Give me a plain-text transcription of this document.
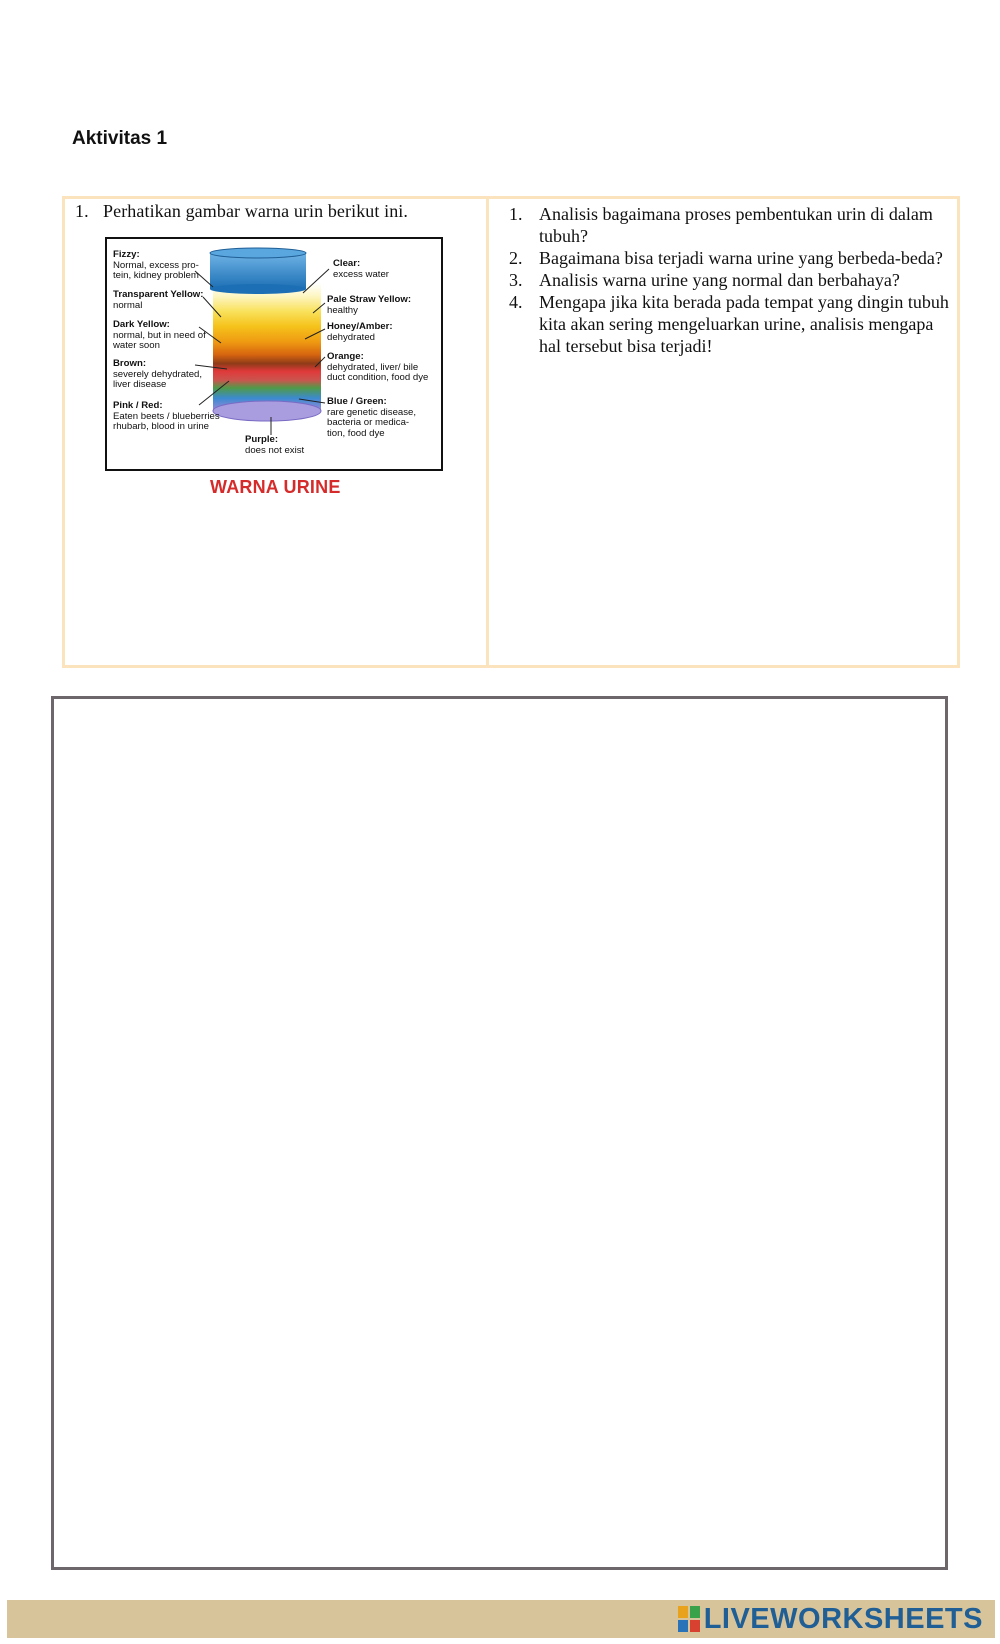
Aktivitas 1
1. Perhatikan gambar warna urin berikut ini.
Fizzy:
Normal, excess pro-
tein, kidney problem
Transparent Yellow:
normal
Dark Yellow:
normal, but in need of
water soon
Brown:
severely dehydrated,
liver disease
Pink / Red:
Eaten beets / blueberries
rhubarb, blood in urine
Purple:
does not exist
Clear:
excess water
Pale Straw Yellow:
healthy
Honey/Amber:
dehydrated
Orange:
dehydrated, liver/ bile
duct condition, food dye
Blue / Green:
rare genetic disease,
bacteria or medica-
tion, food dye
WARNA URINE
1. Analisis bagaimana proses pembentukan urin di dalam tubuh?
2. Bagaimana bisa terjadi warna urine yang berbeda-beda?
3. Analisis warna urine yang normal dan berbahaya?
4. Mengapa jika kita berada pada tempat yang dingin tubuh kita akan sering mengeluarkan urine, analisis mengapa hal tersebut bisa terjadi!
LIVEWORKSHEETS
